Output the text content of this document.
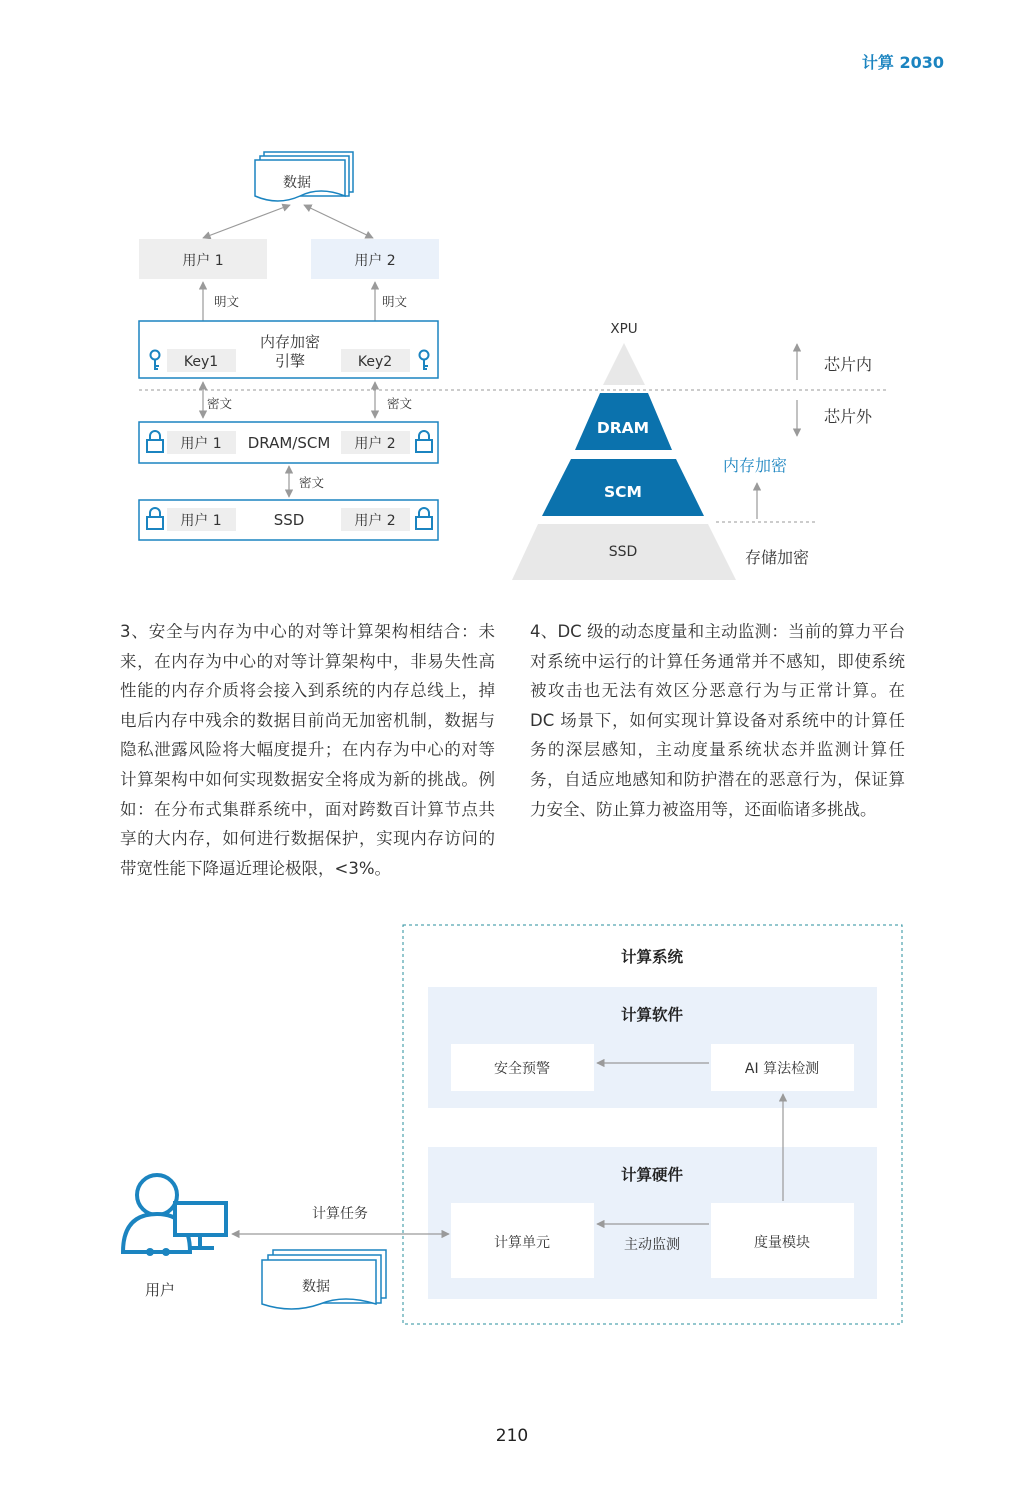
计算 2030
数据
用户 1	用户 2
明文	明文
内存加密
引擎
Key1	Key2
密文	密文
用户 1 DRAM/SCM 用户 2
密文
用户 1	SSD	用户 2
XPU
DRAM
SCM
SSD
芯片内
芯片外
内存加密
存储加密
3、安全与内存为中心的对等计算架构相结合：未来，在内存为中心的对等计算架构中，非易失性高性能的内存介质将会接入到系统的内存总线上，掉电后内存中残余的数据目前尚无加密机制，数据与隐私泄露风险将大幅度提升；在内存为中心的对等计算架构中如何实现数据安全将成为新的挑战。例如：在分布式集群系统中，面对跨数百计算节点共享的大内存，如何进行数据保护，实现内存访问的带宽性能下降逼近理论极限，<3%。
4、DC 级的动态度量和主动监测：当前的算力平台对系统中运行的计算任务通常并不感知，即使系统被攻击也无法有效区分恶意行为与正常计算。在 DC 场景下，如何实现计算设备对系统中的计算任务的深层感知，主动度量系统状态并监测计算任务，自适应地感知和防护潜在的恶意行为，保证算力安全、防止算力被盗用等，还面临诸多挑战。
计算系统
计算软件
安全预警	AI 算法检测
计算硬件
计算单元	度量模块
主动监测
用户
计算任务
数据
210
